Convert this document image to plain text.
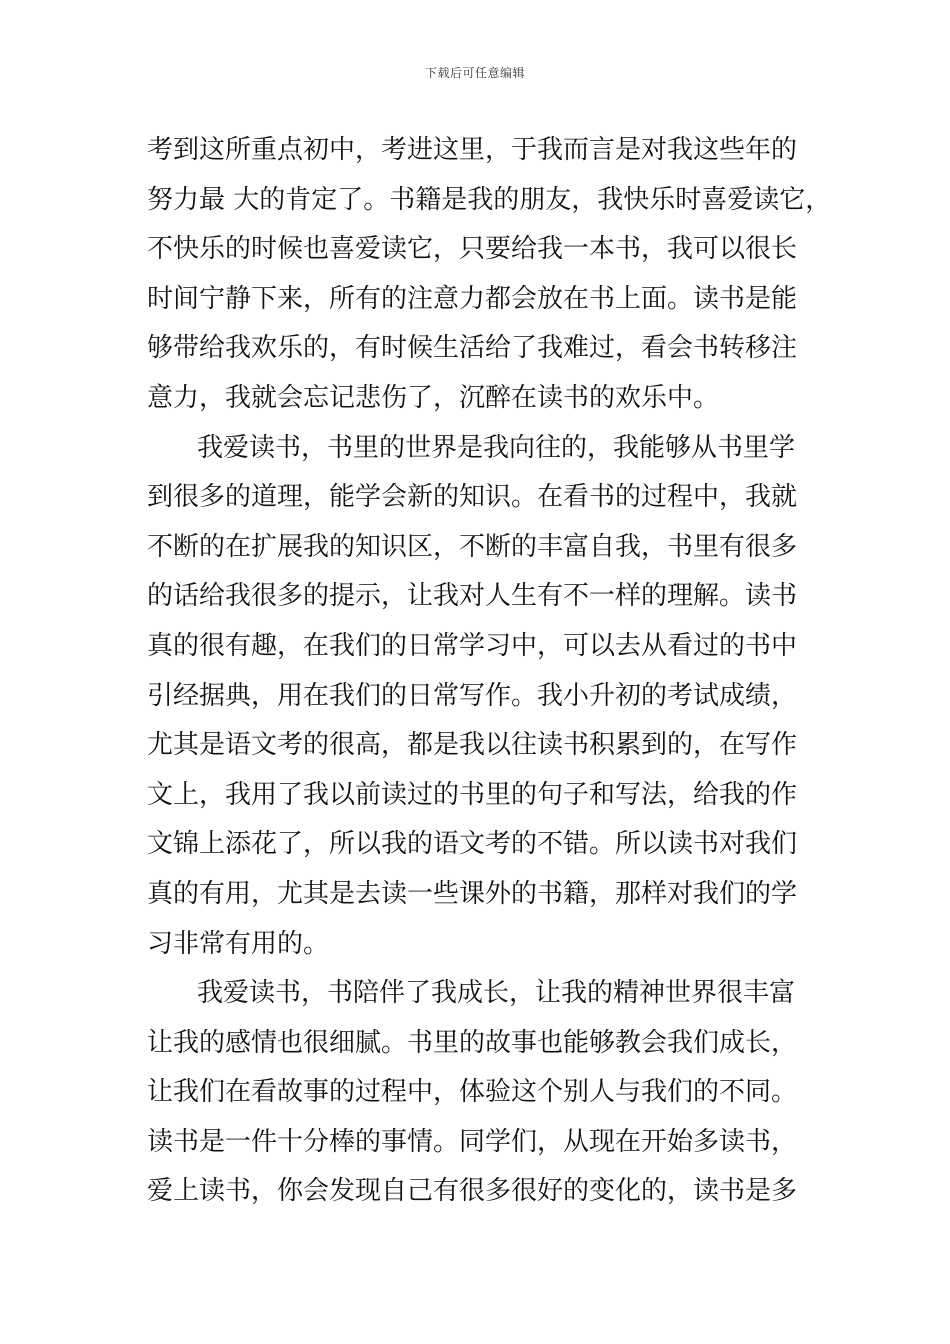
下载后可任意编辑
考到这所重点初中，考进这里，于我而言是对我这些年的
努力最 大的肯定了。书籍是我的朋友，我快乐时喜爱读它，
不快乐的时候也喜爱读它，只要给我一本书，我可以很长
时间宁静下来，所有的注意力都会放在书上面。读书是能
够带给我欢乐的，有时候生活给了我难过，看会书转移注
意力，我就会忘记悲伤了，沉醉在读书的欢乐中。
我爱读书，书里的世界是我向往的，我能够从书里学
到很多的道理，能学会新的知识。在看书的过程中，我就
不断的在扩展我的知识区，不断的丰富自我，书里有很多
的话给我很多的提示，让我对人生有不一样的理解。读书
真的很有趣，在我们的日常学习中，可以去从看过的书中
引经据典，用在我们的日常写作。我小升初的考试成绩，
尤其是语文考的很高，都是我以往读书积累到的，在写作
文上，我用了我以前读过的书里的句子和写法，给我的作
文锦上添花了，所以我的语文考的不错。所以读书对我们
真的有用，尤其是去读一些课外的书籍，那样对我们的学
习非常有用的。
我爱读书，书陪伴了我成长，让我的精神世界很丰富
让我的感情也很细腻。书里的故事也能够教会我们成长，
让我们在看故事的过程中，体验这个别人与我们的不同。
读书是一件十分棒的事情。同学们，从现在开始多读书，
爱上读书，你会发现自己有很多很好的变化的，读书是多
